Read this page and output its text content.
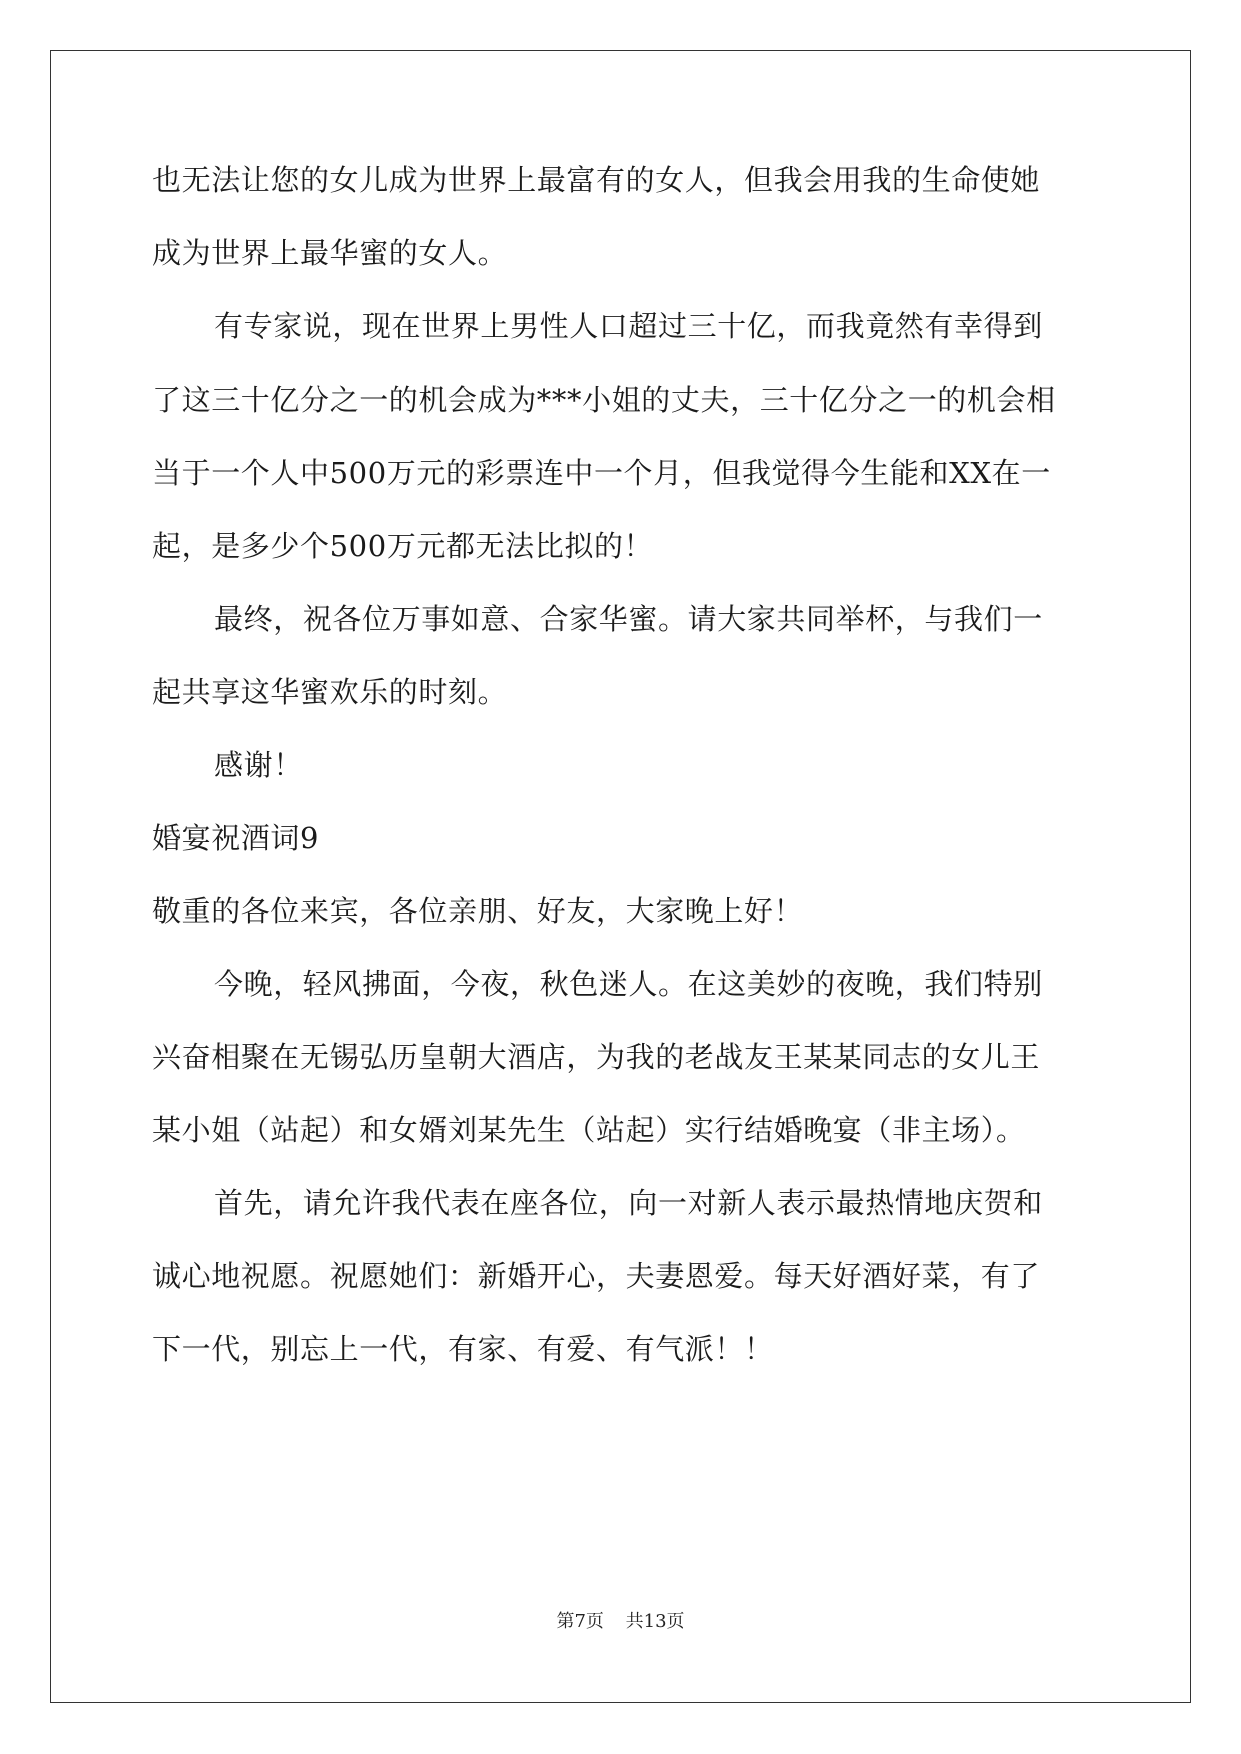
也无法让您的女儿成为世界上最富有的女人，但我会用我的生命使她
成为世界上最华蜜的女人。
有专家说，现在世界上男性人口超过三十亿，而我竟然有幸得到
了这三十亿分之一的机会成为***小姐的丈夫，三十亿分之一的机会相
当于一个人中500万元的彩票连中一个月，但我觉得今生能和XX在一
起，是多少个500万元都无法比拟的！
最终，祝各位万事如意、合家华蜜。请大家共同举杯，与我们一
起共享这华蜜欢乐的时刻。
感谢！
婚宴祝酒词9
敬重的各位来宾，各位亲朋、好友，大家晚上好！
今晚，轻风拂面，今夜，秋色迷人。在这美妙的夜晚，我们特别
兴奋相聚在无锡弘历皇朝大酒店，为我的老战友王某某同志的女儿王
某小姐（站起）和女婿刘某先生（站起）实行结婚晚宴（非主场）。
首先，请允许我代表在座各位，向一对新人表示最热情地庆贺和
诚心地祝愿。祝愿她们：新婚开心，夫妻恩爱。每天好酒好菜，有了
下一代，别忘上一代，有家、有爱、有气派！！
第7页 共13页
